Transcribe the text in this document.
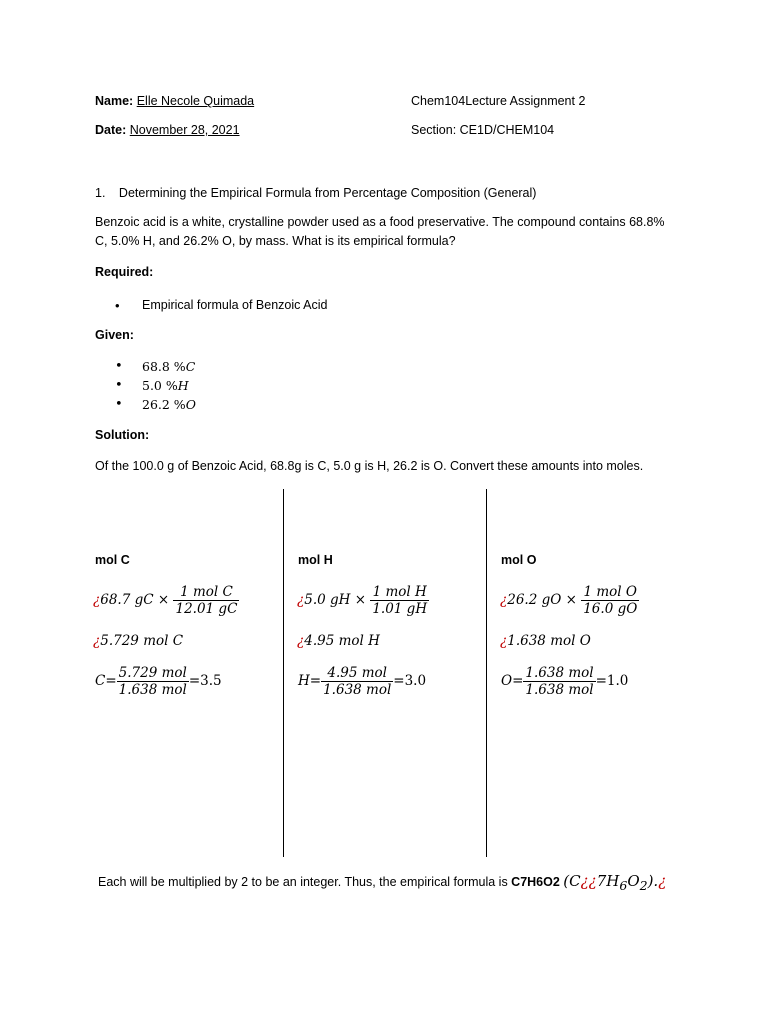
Name: Elle Necole Quimada	Chem104Lecture Assignment 2
Date: November 28, 2021	Section: CE1D/CHEM104
1. Determining the Empirical Formula from Percentage Composition (General)
Benzoic acid is a white, crystalline powder used as a food preservative. The compound contains 68.8%
C, 5.0% H, and 26.2% O, by mass. What is its empirical formula?
Required:
• Empirical formula of Benzoic Acid
Given:
• 68.8 %C
• 5.0 %H
• 26.2 %O
Solution:
Of the 100.0 g of Benzoic Acid, 68.8g is C, 5.0 g is H, 26.2 is O. Convert these amounts into moles.
mol C
¿68.7 gC × $\frac{\text{1 mol C}}{12.01 gC}$
¿5.729 mol C
$C= \frac{\text{5.729 mol}}{\text{1.638 mol}} =3.5$
mol H
¿5.0 gH × $\frac{\text{1 mol H}}{1.01 gH}$
¿4.95 mol H
$H= \frac{\text{4.95 mol}}{\text{1.638 mol}} =3.0$
mol O
¿26.2 gO × $\frac{\text{1 mol O}}{16.0 gO}$
¿1.638 mol O
$O= \frac{\text{1.638 mol}}{\text{1.638 mol}} =1.0$
Each will be multiplied by 2 to be an integer. Thus, the empirical formula is C7H6O2 $(C¿¿7H_6O_2).¿$
